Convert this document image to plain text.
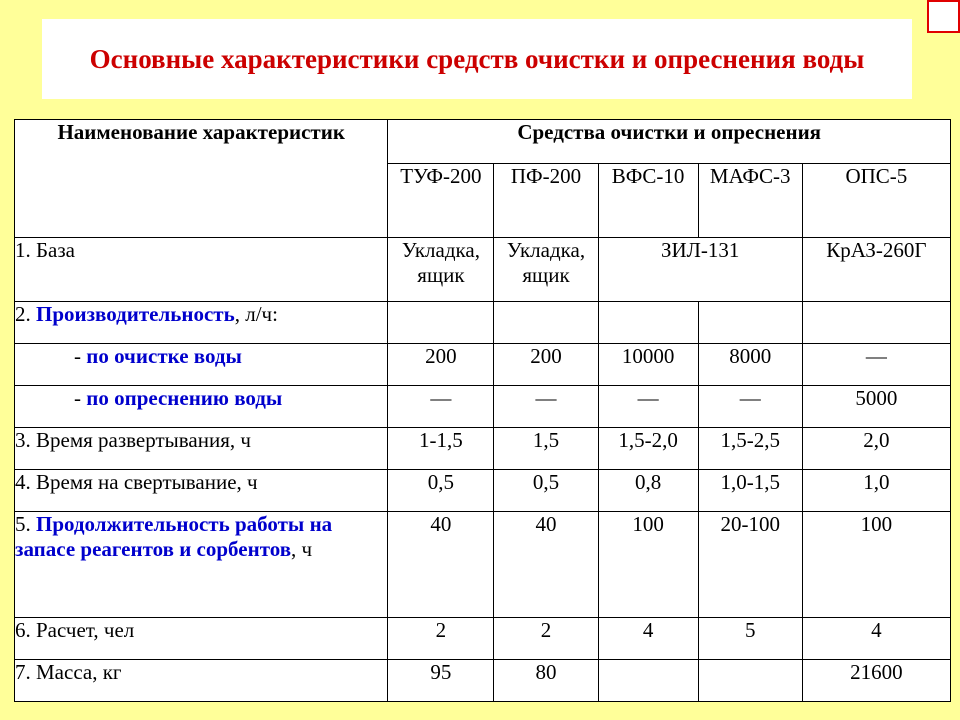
Основные характеристики средств очистки и опреснения воды
Наименование характеристик	Средства очистки и опреснения				
	ТУФ-200	ПФ-200	ВФС-10	МАФС-3	ОПС-5
1. База	Укладка, ящик	Укладка, ящик	ЗИЛ-131		КрАЗ-260Г
2. Производительность, л/ч:					
- по очистке воды	200	200	10000	8000	—
- по опреснению воды	—	—	—	—	5000
3. Время развертывания, ч	1-1,5	1,5	1,5-2,0	1,5-2,5	2,0
4. Время на свертывание, ч	0,5	0,5	0,8	1,0-1,5	1,0
5. Продолжительность работы на запасе реагентов и сорбентов, ч	40	40	100	20-100	100
6. Расчет, чел	2	2	4	5	4
7. Масса, кг	95	80			21600
